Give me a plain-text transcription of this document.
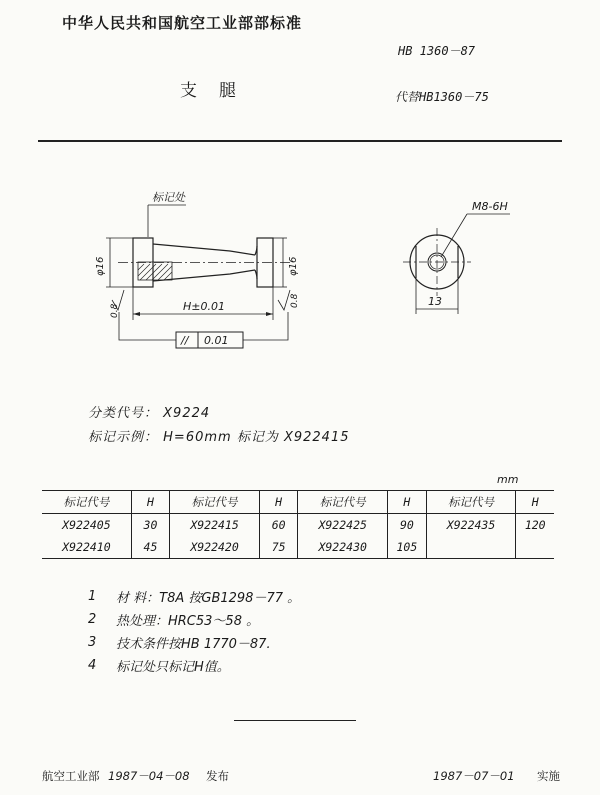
中华人民共和国航空工业部部标准
HB 1360－87
支腿	代替HB1360－75
标记处
φ16	φ16
H±0.01
0.8
0.8
// 0.01
M8-6H
13
分类代号： X9224
标记示例： H=60mm 标记为 X922415
mm
标记代号	H	标记代号	H	标记代号	H	标记代号	H
X922405	30	X922415	60	X922425	90	X922435	120
X922410	45	X922420	75	X922430	105		
1	材 料：T8A 按GB1298－77 。
2	热处理：HRC53～58 。
3	技术条件按HB 1770－87.
4	标记处只标记H值。
航空工业部 1987－04－08 发布	1987－07－01 实施
